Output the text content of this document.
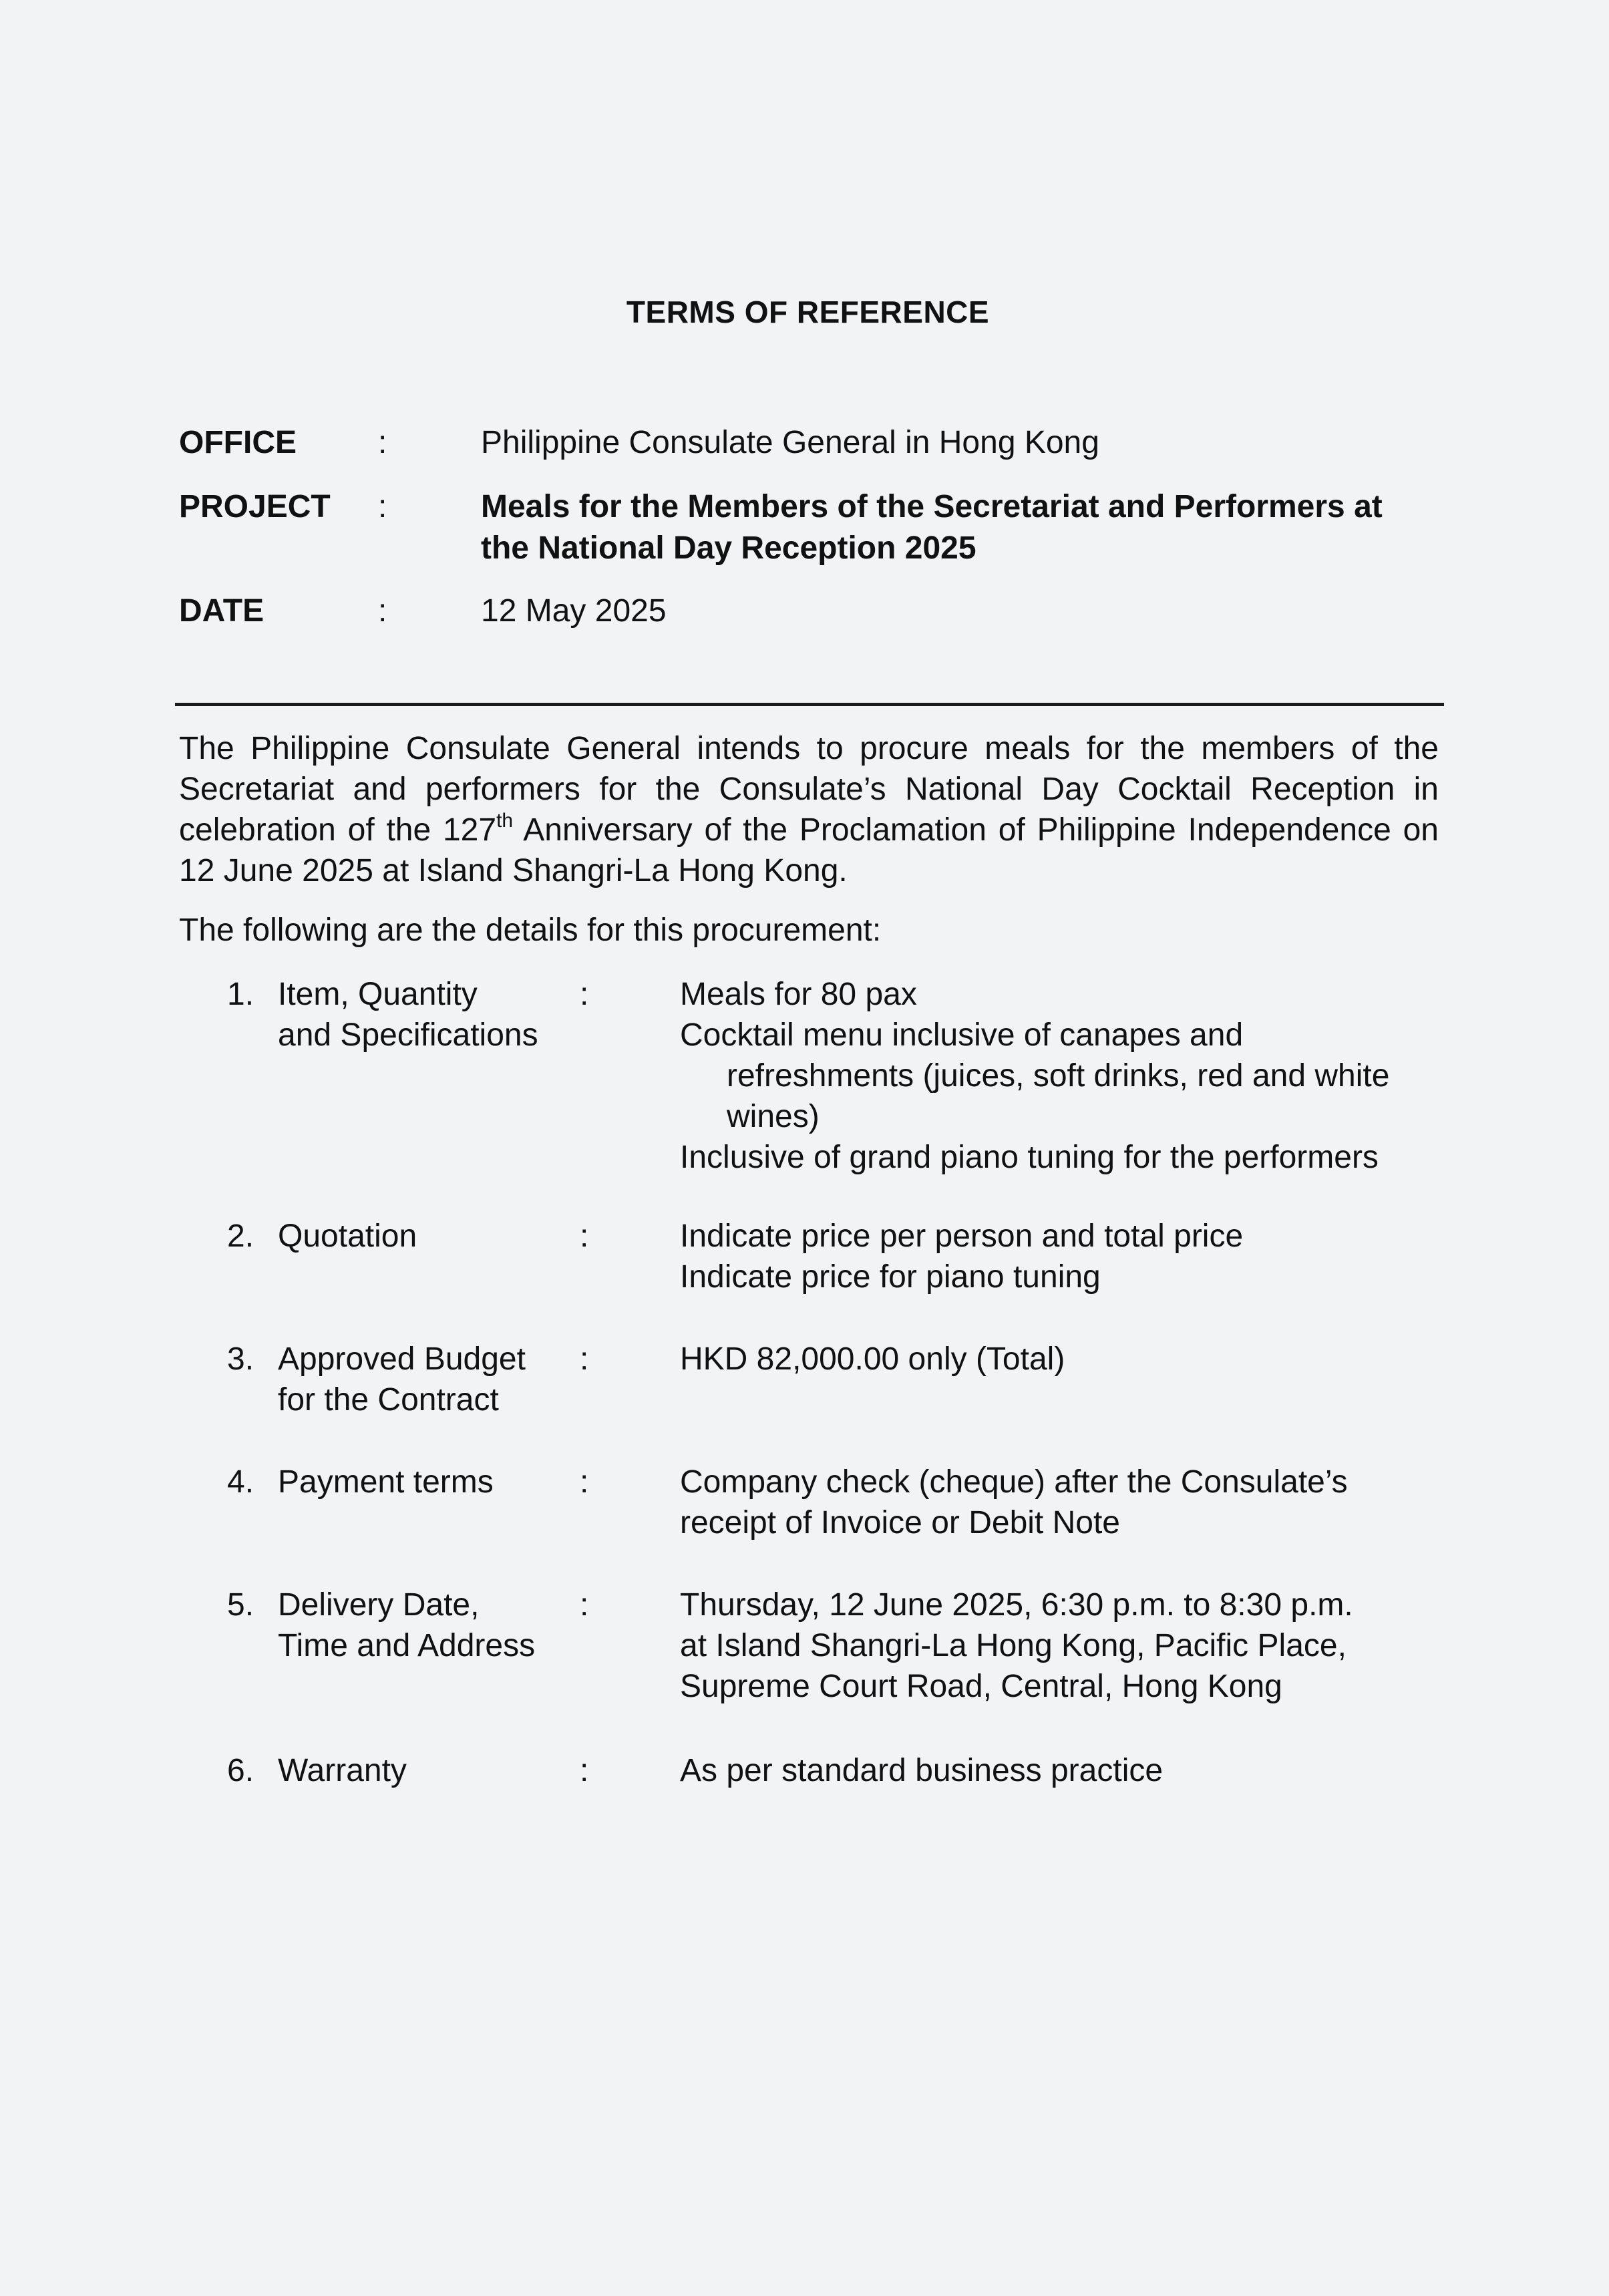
TERMS OF REFERENCE
OFFICE	:	Philippine Consulate General in Hong Kong
PROJECT :	Meals for the Members of the Secretariat and Performers at
the National Day Reception 2025
DATE	:	12 May 2025
The Philippine Consulate General intends to procure meals for the members of the Secretariat and performers for the Consulate’s National Day Cocktail Reception in celebration of the 127th Anniversary of the Proclamation of Philippine Independence on 12 June 2025 at Island Shangri-La Hong Kong.
The following are the details for this procurement:
1. Item, Quantity
and Specifications
:	Meals for 80 pax
Cocktail menu inclusive of canapes and
refreshments (juices, soft drinks, red and white
wines)
Inclusive of grand piano tuning for the performers
2. Quotation	:	Indicate price per person and total price
Indicate price for piano tuning
3. Approved Budget
for the Contract
:	HKD 82,000.00 only (Total)
4. Payment terms	:	Company check (cheque) after the Consulate’s
receipt of Invoice or Debit Note
5. Delivery Date,
Time and Address
:	Thursday, 12 June 2025, 6:30 p.m. to 8:30 p.m.
at Island Shangri-La Hong Kong, Pacific Place,
Supreme Court Road, Central, Hong Kong
6. Warranty	:	As per standard business practice
